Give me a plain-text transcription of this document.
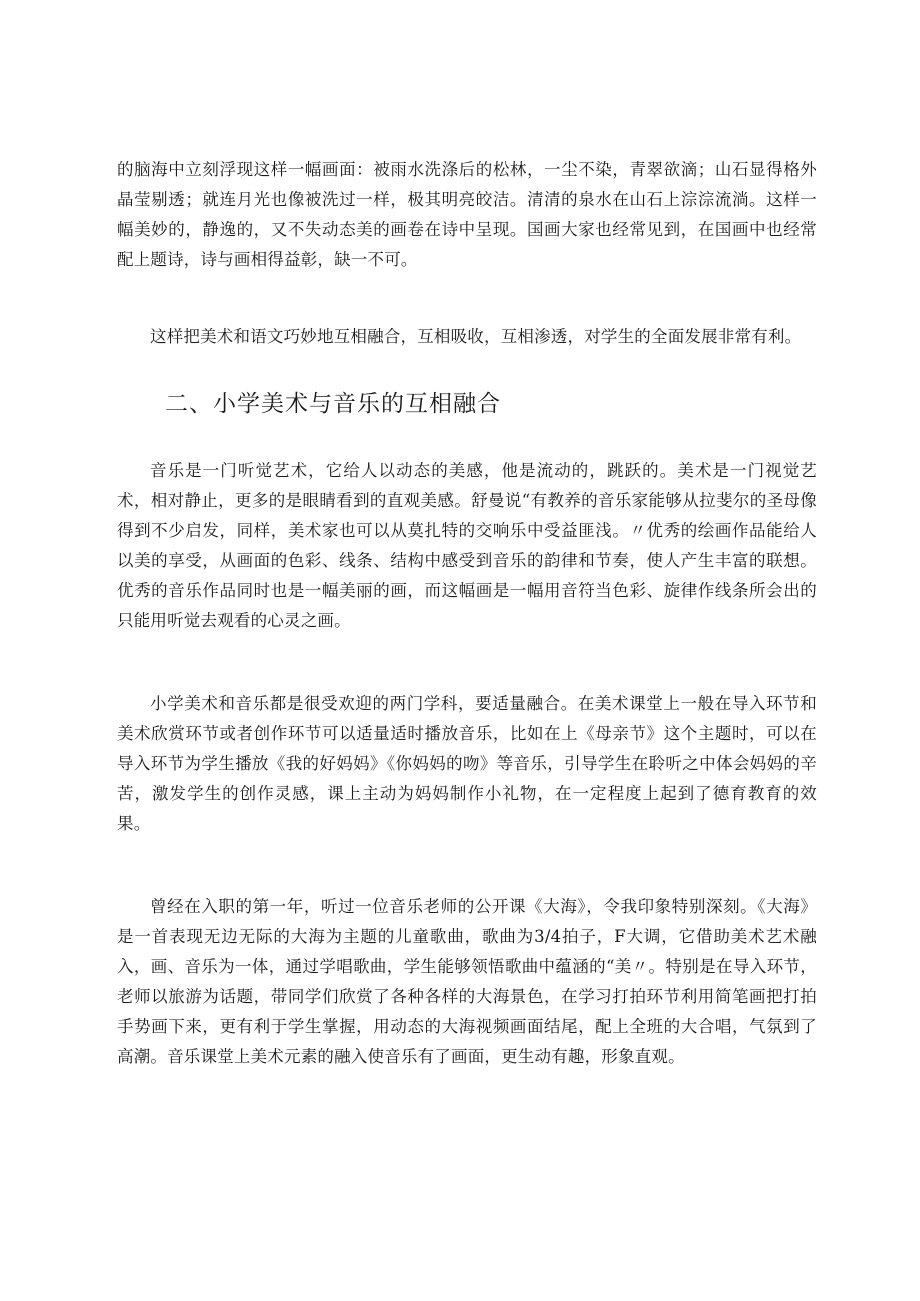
的脑海中立刻浮现这样一幅画面：被雨水洗涤后的松林，一尘不染，青翠欲滴；山石显得格外晶莹剔透；就连月光也像被洗过一样，极其明亮皎洁。清清的泉水在山石上淙淙流淌。这样一幅美妙的，静逸的，又不失动态美的画卷在诗中呈现。国画大家也经常见到，在国画中也经常配上题诗，诗与画相得益彰，缺一不可。

这样把美术和语文巧妙地互相融合，互相吸收，互相渗透，对学生的全面发展非常有利。

二、小学美术与音乐的互相融合

音乐是一门听觉艺术，它给人以动态的美感，他是流动的，跳跃的。美术是一门视觉艺术，相对静止，更多的是眼睛看到的直观美感。舒曼说“有教养的音乐家能够从拉斐尔的圣母像得到不少启发，同样，美术家也可以从莫扎特的交响乐中受益匪浅。〃优秀的绘画作品能给人以美的享受，从画面的色彩、线条、结构中感受到音乐的韵律和节奏，使人产生丰富的联想。优秀的音乐作品同时也是一幅美丽的画，而这幅画是一幅用音符当色彩、旋律作线条所会出的只能用听觉去观看的心灵之画。

小学美术和音乐都是很受欢迎的两门学科，要适量融合。在美术课堂上一般在导入环节和美术欣赏环节或者创作环节可以适量适时播放音乐，比如在上《母亲节》这个主题时，可以在导入环节为学生播放《我的好妈妈》《你妈妈的吻》等音乐，引导学生在聆听之中体会妈妈的辛苦，激发学生的创作灵感，课上主动为妈妈制作小礼物，在一定程度上起到了德育教育的效果。

曾经在入职的第一年，听过一位音乐老师的公开课《大海》，令我印象特别深刻。《大海》是一首表现无边无际的大海为主题的儿童歌曲，歌曲为3/4拍子，F大调，它借助美术艺术融入，画、音乐为一体，通过学唱歌曲，学生能够领悟歌曲中蕴涵的“美〃。特别是在导入环节，老师以旅游为话题，带同学们欣赏了各种各样的大海景色，在学习打拍环节利用简笔画把打拍手势画下来，更有利于学生掌握，用动态的大海视频画面结尾，配上全班的大合唱，气氛到了高潮。音乐课堂上美术元素的融入使音乐有了画面，更生动有趣，形象直观。
